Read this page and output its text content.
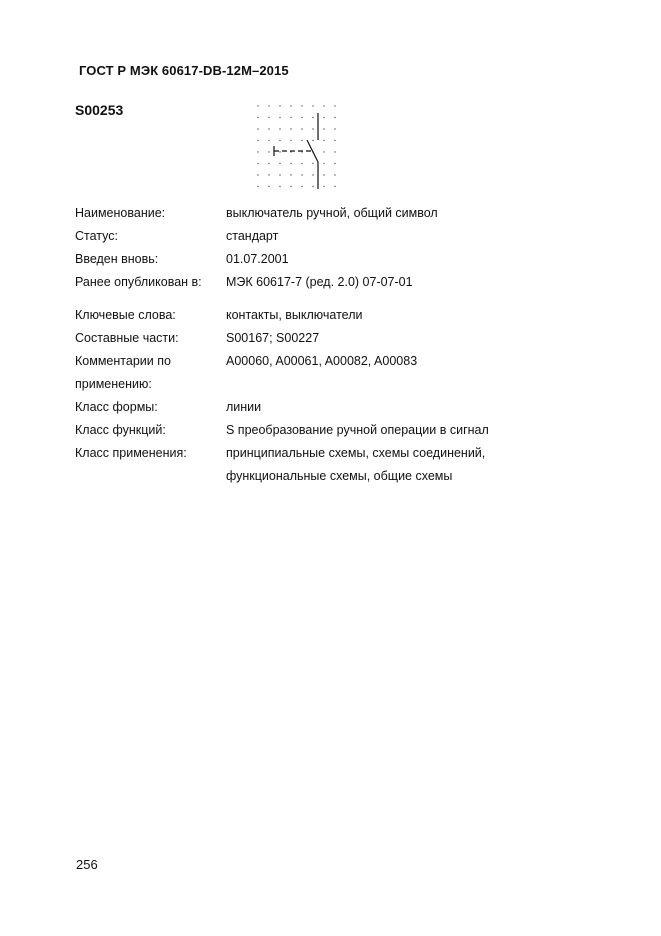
ГОСТ Р МЭК 60617-DB-12M–2015
S00253
Наименование:	выключатель ручной, общий символ
Статус:	стандарт
Введен вновь:	01.07.2001
Ранее опубликован в:	МЭК 60617-7 (ред. 2.0) 07-07-01
Ключевые слова:	контакты, выключатели
Составные части:	S00167; S00227
Комментарии по применению:
A00060, A00061, A00082, A00083
Класс формы:	линии
Класс функций:	S преобразование ручной операции в сигнал
Класс применения:	принципиальные схемы, схемы соединений,
функциональные схемы, общие схемы
256
